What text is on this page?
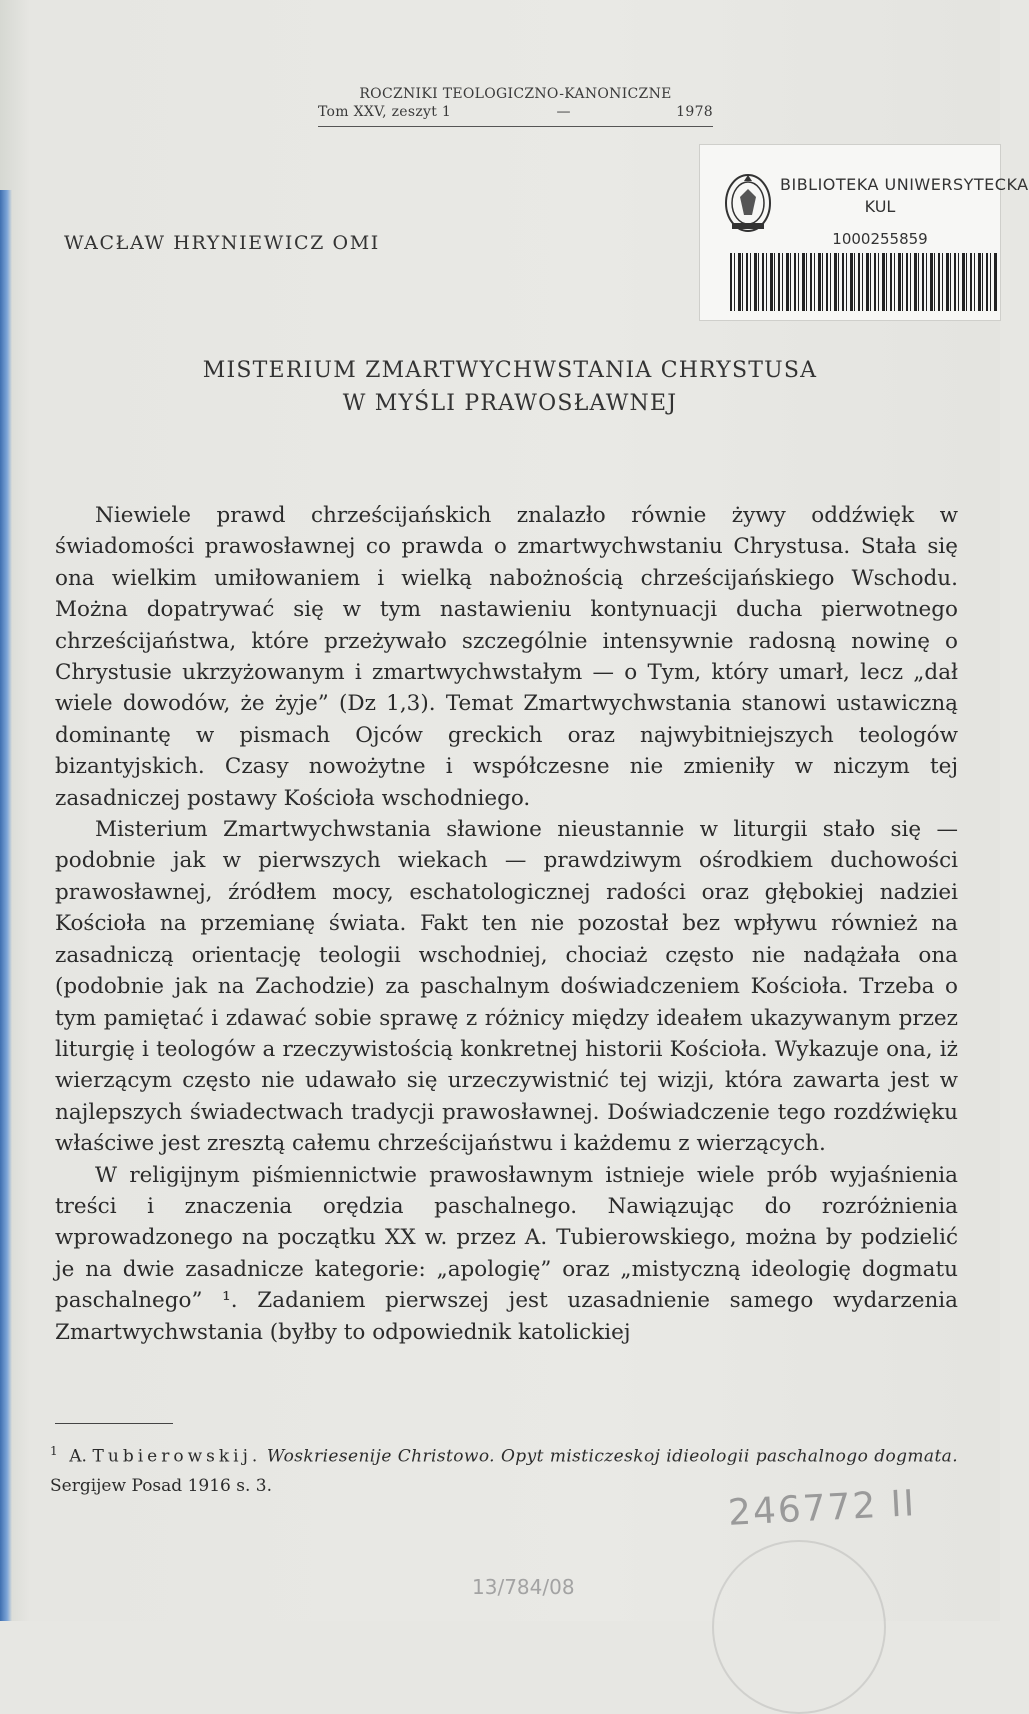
ROCZNIKI TEOLOGICZNO-KANONICZNE
Tom XXV, zeszyt 1	—	1978
BIBLIOTEKA UNIWERSYTECKA
KUL
1000255859
WACŁAW HRYNIEWICZ OMI
MISTERIUM ZMARTWYCHWSTANIA CHRYSTUSA
W MYŚLI PRAWOSŁAWNEJ

Niewiele prawd chrześcijańskich znalazło równie żywy oddźwięk w świadomości prawosławnej co prawda o zmartwychwstaniu Chrystusa. Stała się ona wielkim umiłowaniem i wielką nabożnością chrześcijańskiego Wschodu. Można dopatrywać się w tym nastawieniu kontynuacji ducha pierwotnego chrześcijaństwa, które przeżywało szczególnie intensywnie radosną nowinę o Chrystusie ukrzyżowanym i zmartwychwstałym — o Tym, który umarł, lecz „dał wiele dowodów, że żyje” (Dz 1,3). Temat Zmartwychwstania stanowi ustawiczną dominantę w pismach Ojców greckich oraz najwybitniejszych teologów bizantyjskich. Czasy nowożytne i współczesne nie zmieniły w niczym tej zasadniczej postawy Kościoła wschodniego.

Misterium Zmartwychwstania sławione nieustannie w liturgii stało się — podobnie jak w pierwszych wiekach — prawdziwym ośrodkiem duchowości prawosławnej, źródłem mocy, eschatologicznej radości oraz głębokiej nadziei Kościoła na przemianę świata. Fakt ten nie pozostał bez wpływu również na zasadniczą orientację teologii wschodniej, chociaż często nie nadążała ona (podobnie jak na Zachodzie) za paschalnym doświadczeniem Kościoła. Trzeba o tym pamiętać i zdawać sobie sprawę z różnicy między ideałem ukazywanym przez liturgię i teologów a rzeczywistością konkretnej historii Kościoła. Wykazuje ona, iż wierzącym często nie udawało się urzeczywistnić tej wizji, która zawarta jest w najlepszych świadectwach tradycji prawosławnej. Doświadczenie tego rozdźwięku właściwe jest zresztą całemu chrześcijaństwu i każdemu z wierzących.

W religijnym piśmiennictwie prawosławnym istnieje wiele prób wyjaśnienia treści i znaczenia orędzia paschalnego. Nawiązując do rozróżnienia wprowadzonego na początku XX w. przez A. Tubierowskiego, można by podzielić je na dwie zasadnicze kategorie: „apologię” oraz „mistyczną ideologię dogmatu paschalnego” ¹. Zadaniem pierwszej jest uzasadnienie samego wydarzenia Zmartwychwstania (byłby to odpowiednik katolickiej

$^1$ A. Tubierowskij. Woskriesenije Christowo. Opyt misticzeskoj idieologii paschalnogo dogmata. Sergijew Posad 1916 s. 3.	246772 II
13/784/08
